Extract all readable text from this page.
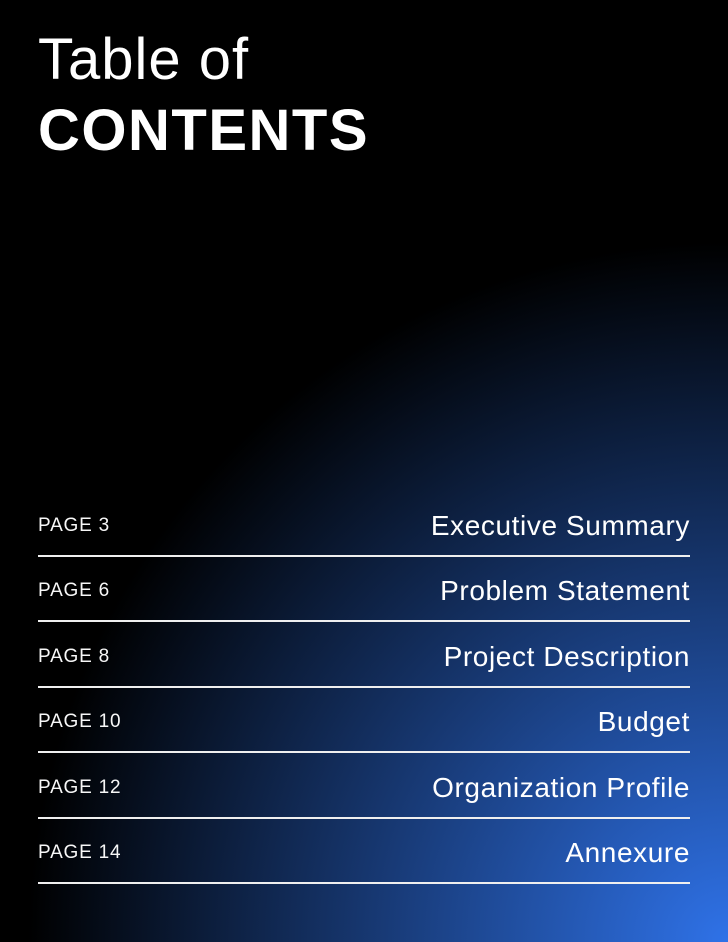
Table of
CONTENTS
PAGE 3	Executive Summary
PAGE 6	Problem Statement
PAGE 8	Project Description
PAGE 10	Budget
PAGE 12	Organization Profile
PAGE 14	Annexure
